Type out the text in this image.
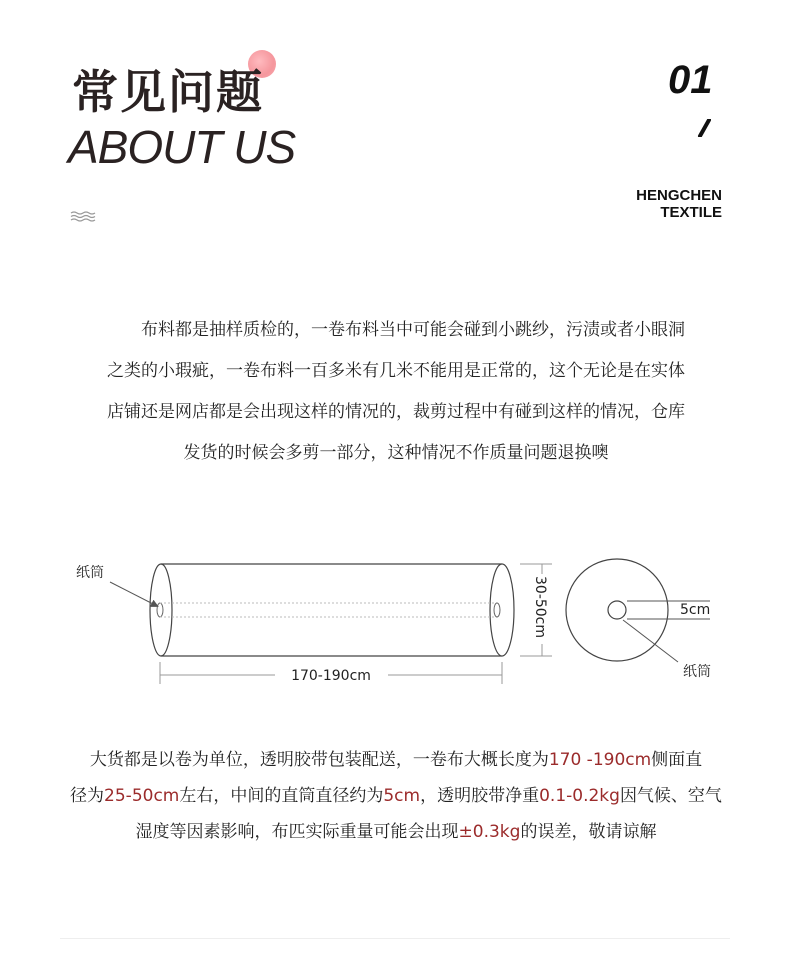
常见问题
ABOUT US
01
HENGCHEN
TEXTILE
　　布料都是抽样质检的，一卷布料当中可能会碰到小跳纱，污渍或者小眼洞
之类的小瑕疵，一卷布料一百多米有几米不能用是正常的，这个无论是在实体
店铺还是网店都是会出现这样的情况的，裁剪过程中有碰到这样的情况，仓库
发货的时候会多剪一部分，这种情况不作质量问题退换噢
纸筒
170-190cm
30-50cm	5cm
纸筒
大货都是以卷为单位，透明胶带包装配送，一卷布大概长度为170 -190cm侧面直
径为25-50cm左右，中间的直筒直径约为5cm，透明胶带净重0.1-0.2kg因气候、空气
湿度等因素影响，布匹实际重量可能会出现±0.3kg的误差，敬请谅解
